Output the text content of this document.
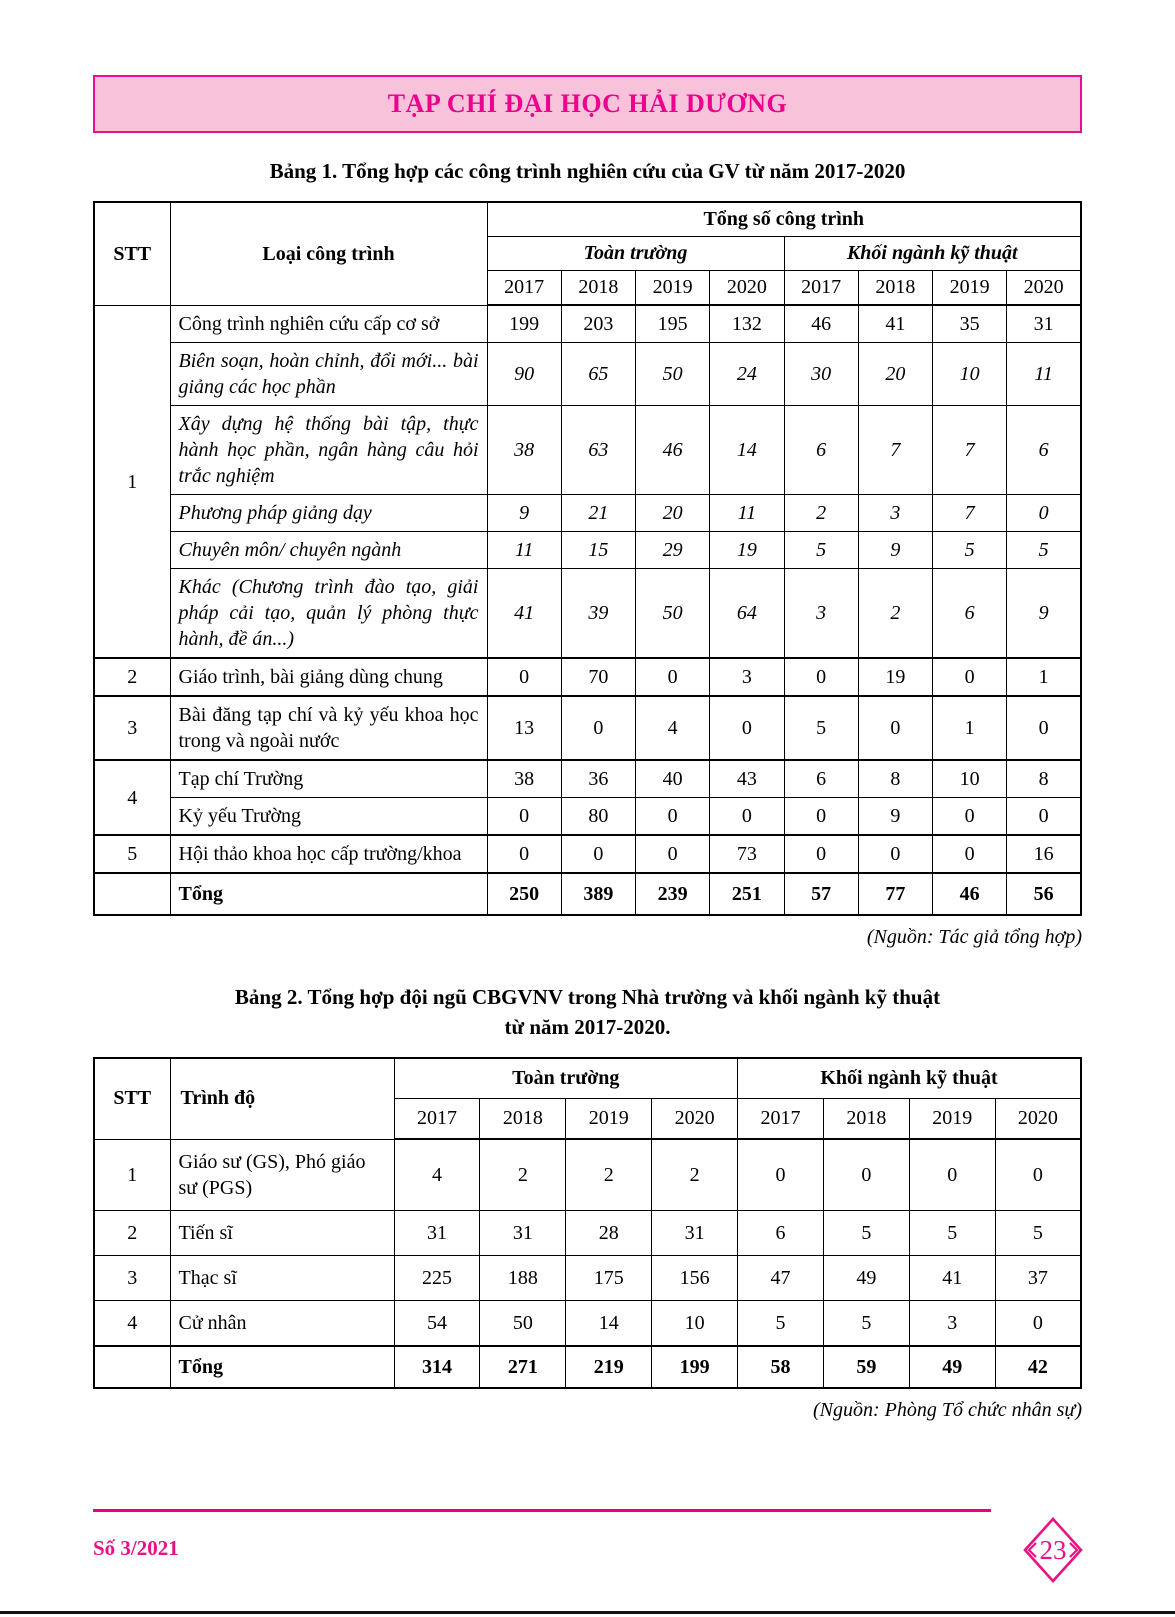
TẠP CHÍ ĐẠI HỌC HẢI DƯƠNG
Bảng 1. Tổng hợp các công trình nghiên cứu của GV từ năm 2017-2020
STT	Loại công trình	Tổng số công trình							
		Toàn trường				Khối ngành kỹ thuật			
		2017	2018	2019	2020	2017	2018	2019	2020
1	Công trình nghiên cứu cấp cơ sở	199	203	195	132	46	41	35	31
	Biên soạn, hoàn chỉnh, đổi mới... bài giảng các học phần	90	65	50	24	30	20	10	11
	Xây dựng hệ thống bài tập, thực hành học phần, ngân hàng câu hỏi trắc nghiệm	38	63	46	14	6	7	7	6
	Phương pháp giảng dạy	9	21	20	11	2	3	7	0
	Chuyên môn/ chuyên ngành	11	15	29	19	5	9	5	5
	Khác (Chương trình đào tạo, giải pháp cải tạo, quản lý phòng thực hành, đề án...)	41	39	50	64	3	2	6	9
2	Giáo trình, bài giảng dùng chung	0	70	0	3	0	19	0	1
3	Bài đăng tạp chí và kỷ yếu khoa học trong và ngoài nước	13	0	4	0	5	0	1	0
4	Tạp chí Trường	38	36	40	43	6	8	10	8
	Kỷ yếu Trường	0	80	0	0	0	9	0	0
5	Hội thảo khoa học cấp trường/khoa	0	0	0	73	0	0	0	16
	Tổng	250	389	239	251	57	77	46	56
(Nguồn: Tác giả tổng hợp)
Bảng 2. Tổng hợp đội ngũ CBGVNV trong Nhà trường và khối ngành kỹ thuật
từ năm 2017-2020.
STT	Trình độ	Toàn trường				Khối ngành kỹ thuật			
		2017	2018	2019	2020	2017	2018	2019	2020
1	Giáo sư (GS), Phó giáo sư (PGS)	4	2	2	2	0	0	0	0
2	Tiến sĩ	31	31	28	31	6	5	5	5
3	Thạc sĩ	225	188	175	156	47	49	41	37
4	Cử nhân	54	50	14	10	5	5	3	0
	Tổng	314	271	219	199	58	59	49	42
(Nguồn: Phòng Tổ chức nhân sự)
Số 3/2021	23
